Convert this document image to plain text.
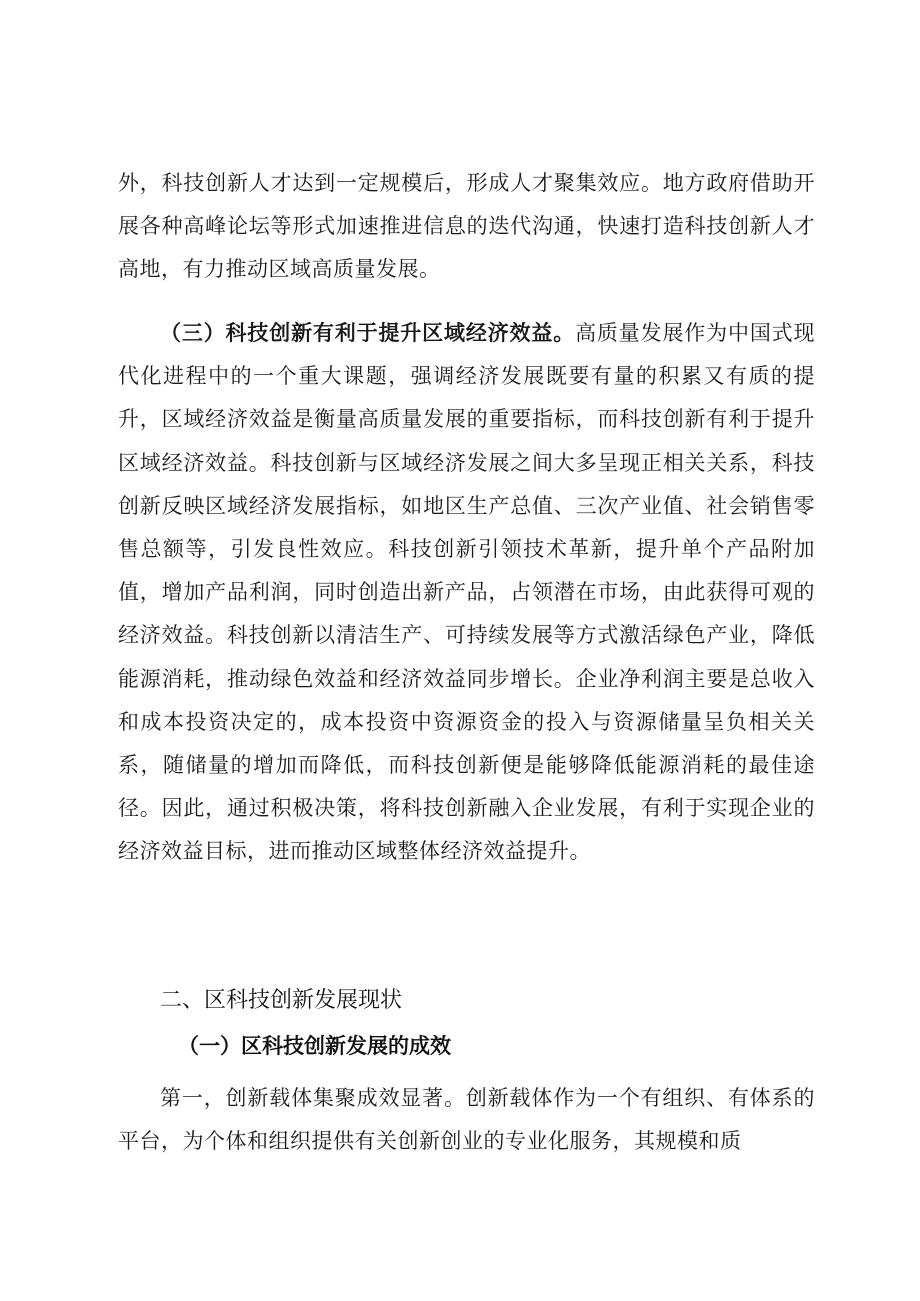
外，科技创新人才达到一定规模后，形成人才聚集效应。地方政府借助开展各种高峰论坛等形式加速推进信息的迭代沟通，快速打造科技创新人才高地，有力推动区域高质量发展。

（三）科技创新有利于提升区域经济效益。高质量发展作为中国式现代化进程中的一个重大课题，强调经济发展既要有量的积累又有质的提升，区域经济效益是衡量高质量发展的重要指标，而科技创新有利于提升区域经济效益。科技创新与区域经济发展之间大多呈现正相关关系，科技创新反映区域经济发展指标，如地区生产总值、三次产业值、社会销售零售总额等，引发良性效应。科技创新引领技术革新，提升单个产品附加值，增加产品利润，同时创造出新产品，占领潜在市场，由此获得可观的经济效益。科技创新以清洁生产、可持续发展等方式激活绿色产业，降低能源消耗，推动绿色效益和经济效益同步增长。企业净利润主要是总收入和成本投资决定的，成本投资中资源资金的投入与资源储量呈负相关关系，随储量的增加而降低，而科技创新便是能够降低能源消耗的最佳途径。因此，通过积极决策，将科技创新融入企业发展，有利于实现企业的经济效益目标，进而推动区域整体经济效益提升。

二、区科技创新发展现状
（一）区科技创新发展的成效

第一，创新载体集聚成效显著。创新载体作为一个有组织、有体系的平台，为个体和组织提供有关创新创业的专业化服务，其规模和质
